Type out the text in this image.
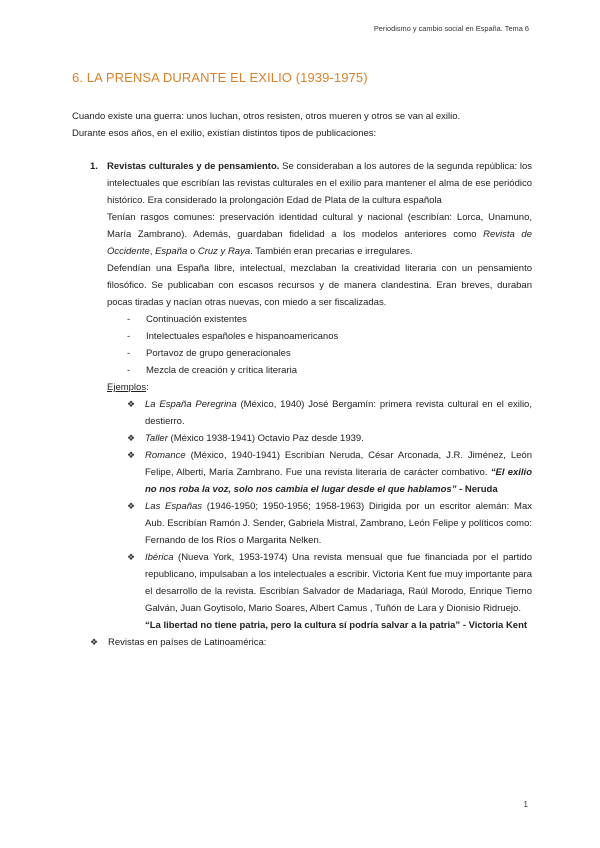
Periodismo y cambio social en España. Tema 6
6. LA PRENSA DURANTE EL EXILIO (1939-1975)

Cuando existe una guerra: unos luchan, otros resisten, otros mueren y otros se van al exilio.

Durante esos años, en el exilio, existían distintos tipos de publicaciones:

1. Revistas culturales y de pensamiento. Se consideraban a los autores de la segunda república: los intelectuales que escribían las revistas culturales en el exilio para mantener el alma de ese periódico histórico. Era considerado la prolongación Edad de Plata de la cultura española

Tenían rasgos comunes: preservación identidad cultural y nacional (escribían: Lorca, Unamuno, María Zambrano). Además, guardaban fidelidad a los modelos anteriores como Revista de Occidente, España o Cruz y Raya. También eran precarias e irregulares.

Defendían una España libre, intelectual, mezclaban la creatividad literaria con un pensamiento filosófico. Se publicaban con escasos recursos y de manera clandestina. Eran breves, duraban pocas tiradas y nacían otras nuevas, con miedo a ser fiscalizadas.

- Continuación existentes
- Intelectuales españoles e hispanoamericanos
- Portavoz de grupo generacionales
- Mezcla de creación y crítica literaria
Ejemplos:
❖ La España Peregrina (México, 1940) José Bergamín: primera revista cultural en el exilio, destierro.
❖ Taller (México 1938-1941) Octavio Paz desde 1939.
❖ Romance (México, 1940-1941) Escribían Neruda, César Arconada, J.R. Jiménez, León Felipe, Alberti, María Zambrano. Fue una revista literaria de carácter combativo. “El exilio no nos roba la voz, solo nos cambia el lugar desde el que hablamos” - Neruda
❖ Las Españas (1946-1950; 1950-1956; 1958-1963) Dirigida por un escritor alemán: Max Aub. Escribían Ramón J. Sender, Gabriela Mistral, Zambrano, León Felipe y políticos como: Fernando de los Ríos o Margarita Nelken.
❖ Ibérica (Nueva York, 1953-1974) Una revista mensual que fue financiada por el partido republicano, impulsaban a los intelectuales a escribir. Victoria Kent fue muy importante para el desarrollo de la revista. Escribían Salvador de Madariaga, Raúl Morodo, Enrique Tierno Galván, Juan Goytisolo, Mario Soares, Albert Camus , Tuñón de Lara y Dionisio Ridruejo.
“La libertad no tiene patria, pero la cultura sí podría salvar a la patria” - Victoria Kent
❖ Revistas en países de Latinoamérica:
1
